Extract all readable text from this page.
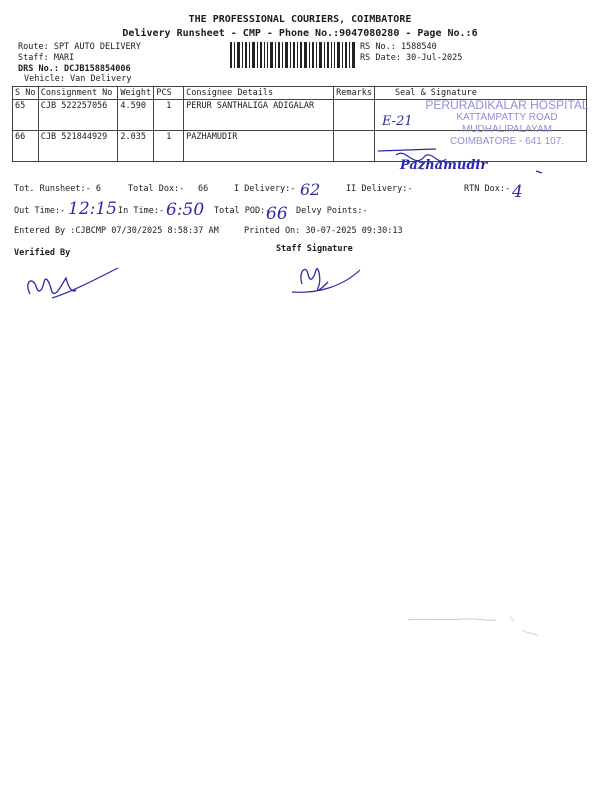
THE PROFESSIONAL COURIERS, COIMBATORE
Delivery Runsheet - CMP - Phone No.:9047080280 - Page No.:6
Route: SPT AUTO DELIVERY
Staff: MARI
DRS No.: DCJB158854006
Vehicle: Van Delivery
RS No.: 1588540
RS Date: 30-Jul-2025
S No	Consignment No	Weight	PCS	Consignee Details	Remarks	Seal & Signature
65	CJB 522257056	4.590	1	PERUR SANTHALIGA ADIGALAR		
66	CJB 521844929	2.035	1	PAZHAMUDIR		
PERURADIKALAR HOSPITAL
KATTAMPATTY ROAD
MUDHALIPALAYAM
COIMBATORE - 641 107.
E-21
Pazhamudir
Tot. Runsheet:- 6	Total Dox:- 66	I Delivery:- 62	II Delivery:-	RTN Dox:- 4
Out Time:- 12:15 In Time:- 6:50 Total POD:-
66 Delvy Points:-
Entered By :CJBCMP 07/30/2025 8:58:37 AM	Printed On: 30-07-2025 09:30:13
Verified By	Staff Signature
